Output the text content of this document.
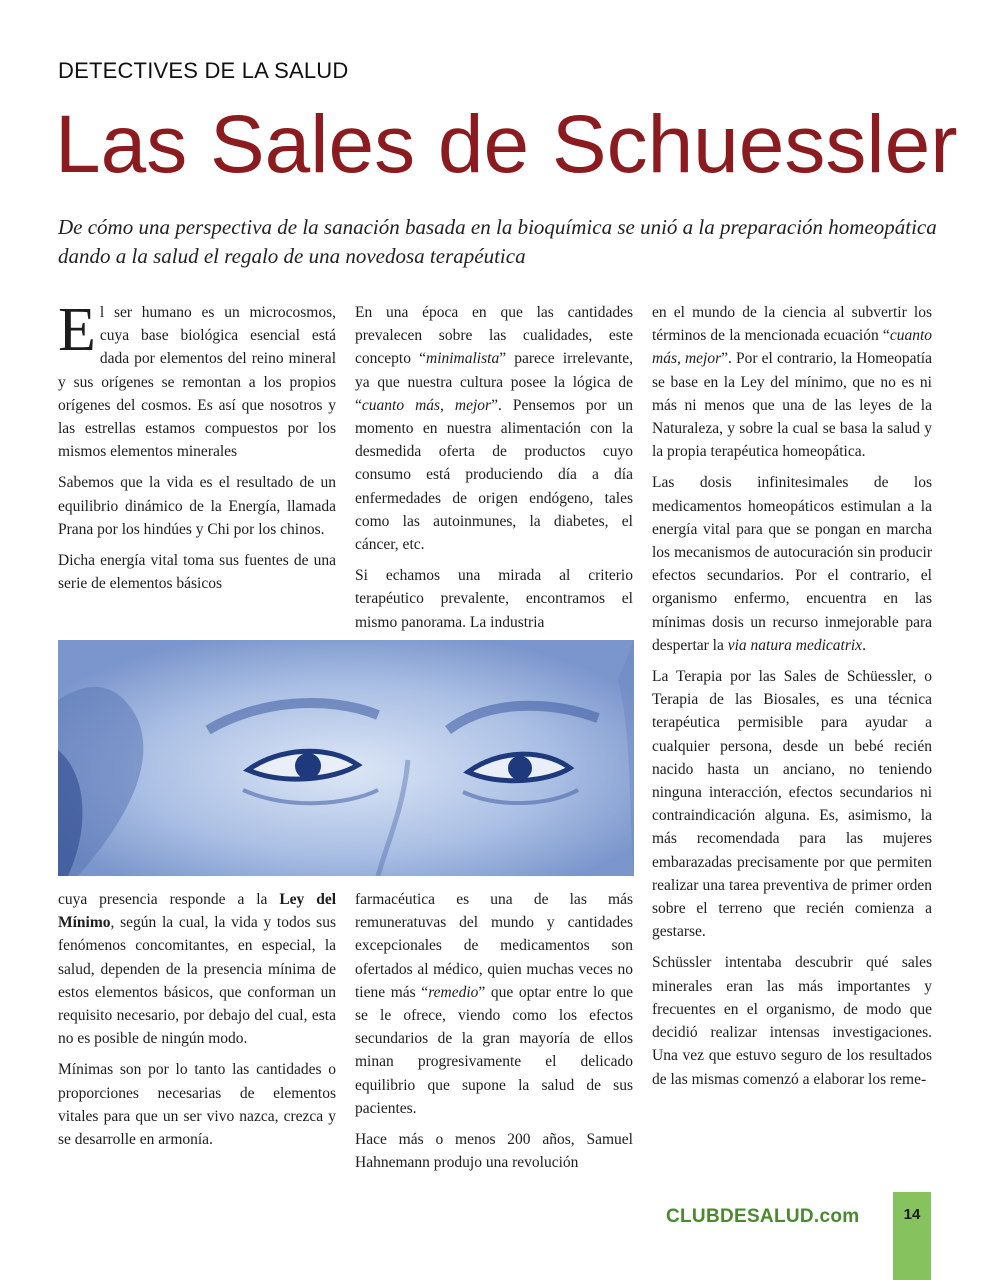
DETECTIVES DE LA SALUD
Las Sales de Schuessler

De cómo una perspectiva de la sanación basada en la bioquímica se unió a la preparación homeopática dando a la salud el regalo de una novedosa terapéutica

El ser humano es un microcosmos, cuya base biológica esencial está dada por elementos del reino mineral y sus orígenes se remontan a los propios orígenes del cosmos. Es así que nosotros y las estrellas estamos compuestos por los mismos elementos minerales

Sabemos que la vida es el resultado de un equilibrio dinámico de la Energía, llamada Prana por los hindúes y Chi por los chinos.

Dicha energía vital toma sus fuentes de una serie de elementos básicos

En una época en que las cantidades prevalecen sobre las cualidades, este concepto “minimalista” parece irrelevante, ya que nuestra cultura posee la lógica de “cuanto más, mejor”. Pensemos por un momento en nuestra alimentación con la desmedida oferta de productos cuyo consumo está produciendo día a día enfermedades de origen endógeno, tales como las autoinmunes, la diabetes, el cáncer, etc.

Si echamos una mirada al criterio terapéutico prevalente, encontramos el mismo panorama. La industria

cuya presencia responde a la Ley del Mínimo, según la cual, la vida y todos sus fenómenos concomitantes, en especial, la salud, dependen de la presencia mínima de estos elementos básicos, que conforman un requisito necesario, por debajo del cual, esta no es posible de ningún modo.

Mínimas son por lo tanto las cantidades o proporciones necesarias de elementos vitales para que un ser vivo nazca, crezca y se desarrolle en armonía.

farmacéutica es una de las más remuneratuvas del mundo y cantidades excepcionales de medicamentos son ofertados al médico, quien muchas veces no tiene más “remedio” que optar entre lo que se le ofrece, viendo como los efectos secundarios de la gran mayoría de ellos minan progresivamente el delicado equilibrio que supone la salud de sus pacientes.

Hace más o menos 200 años, Samuel Hahnemann produjo una revolución

en el mundo de la ciencia al subvertir los términos de la mencionada ecuación “cuanto más, mejor”. Por el contrario, la Homeopatía se base en la Ley del mínimo, que no es ni más ni menos que una de las leyes de la Naturaleza, y sobre la cual se basa la salud y la propia terapéutica homeopática.

Las dosis infinitesimales de los medicamentos homeopáticos estimulan a la energía vital para que se pongan en marcha los mecanismos de autocuración sin producir efectos secundarios. Por el contrario, el organismo enfermo, encuentra en las mínimas dosis un recurso inmejorable para despertar la via natura medicatrix.

La Terapia por las Sales de Schüessler, o Terapia de las Biosales, es una técnica terapéutica permisible para ayudar a cualquier persona, desde un bebé recién nacido hasta un anciano, no teniendo ninguna interacción, efectos secundarios ni contraindicación alguna. Es, asimismo, la más recomendada para las mujeres embarazadas precisamente por que permiten realizar una tarea preventiva de primer orden sobre el terreno que recién comienza a gestarse.

Schüssler intentaba descubrir qué sales minerales eran las más importantes y frecuentes en el organismo, de modo que decidió realizar intensas investigaciones. Una vez que estuvo seguro de los resultados de las mismas comenzó a elaborar los reme-

CLUBDESALUD.com	14
